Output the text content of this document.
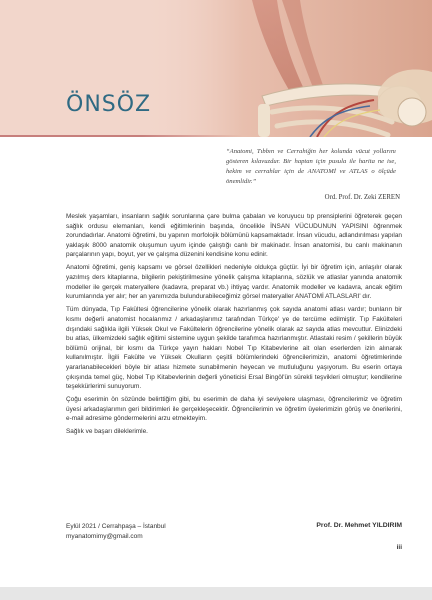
ÖNSÖZ

“Anatomi, Tıbbın ve Cerrahiğin her kolunda vücut yollarını gösteren kılavuzdur. Bir haptan için pusula ile harita ne ise, hekim ve cerrahlar için de ANATOMİ ve ATLAS o ölçüde önemlidir.”

Ord. Prof. Dr. Zeki ZEREN

Meslek yaşamları, insanların sağlık sorunlarına çare bulma çabaları ve koruyucu tıp prensiplerini öğreterek geçen sağlık ordusu elemanları, kendi eğitimlerinin başında, öncelikle İNSAN VÜCUDUNUN YAPISINI öğrenmek zorundadırlar. Anatomi öğretimi, bu yapının morfolojik bölümünü kapsamaktadır. İnsan vücudu, adlandırılması yapılan yaklaşık 8000 anatomik oluşumun uyum içinde çalıştığı canlı bir makinadır. İnsan anatomisi, bu canlı makinanın parçalarının yapı, boyut, yer ve çalışma düzenini kendisine konu edinir.

Anatomi öğretimi, geniş kapsamı ve görsel özellikleri nedeniyle oldukça güçtür. İyi bir öğretim için, anlaşılır olarak yazılmış ders kitaplarına, bilgilerin pekiştirilmesine yönelik çalışma kitaplarına, sözlük ve atlaslar yanında anatomik modeller ile gerçek materyallere (kadavra, preparat vb.) ihtiyaç vardır. Anatomik modeller ve kadavra, ancak eğitim kurumlarında yer alır; her an yanımızda bulundurabileceğimiz görsel materyaller ANATOMİ ATLASLARI' dır.

Tüm dünyada, Tıp Fakültesi öğrencilerine yönelik olarak hazırlanmış çok sayıda anatomi atlası vardır; bunların bir kısmı değerli anatomist hocalarımız / arkadaşlarımız tarafından Türkçe' ye de tercüme edilmiştir. Tıp Fakülteleri dışındaki sağlıkla ilgili Yüksek Okul ve Fakültelerin öğrencilerine yönelik olarak az sayıda atlas mevcuttur. Elinizdeki bu atlas, ülkemizdeki sağlık eğitimi sistemine uygun şekilde tarafımca hazırlanmıştır. Atlastaki resim / şekillerin büyük bölümü orijinal, bir kısmı da Türkçe yayın hakları Nobel Tıp Kitabevlerine ait olan eserlerden izin alınarak kullanılmıştır. İlgili Fakülte ve Yüksek Okulların çeşitli bölümlerindeki öğrencilerimizin, anatomi öğretimlerinde yararlanabilecekleri böyle bir atlası hizmete sunabilmenin heyecan ve mutluluğunu yaşıyorum. Bu eserin ortaya çıkışında temel güç, Nobel Tıp Kitabevlerinin değerli yöneticisi Ersal Bingöl'ün sürekli teşvikleri olmuştur; kendilerine teşekkürlerimi sunuyorum.

Çoğu eserimin ön sözünde belirttiğim gibi, bu eserimin de daha iyi seviyelere ulaşması, öğrencilerimiz ve öğretim üyesi arkadaşlarımın geri bildirimleri ile gerçekleşecektir. Öğrencilerimin ve öğretim üyelerimizin görüş ve önerilerini, e-mail adresime göndermelerini arzu etmekteyim.

Sağlık ve başarı dileklerimle.

Eylül 2021 / Cerrahpaşa – İstanbul
myanatomimy@gmail.com
Prof. Dr. Mehmet YILDIRIM
iii
